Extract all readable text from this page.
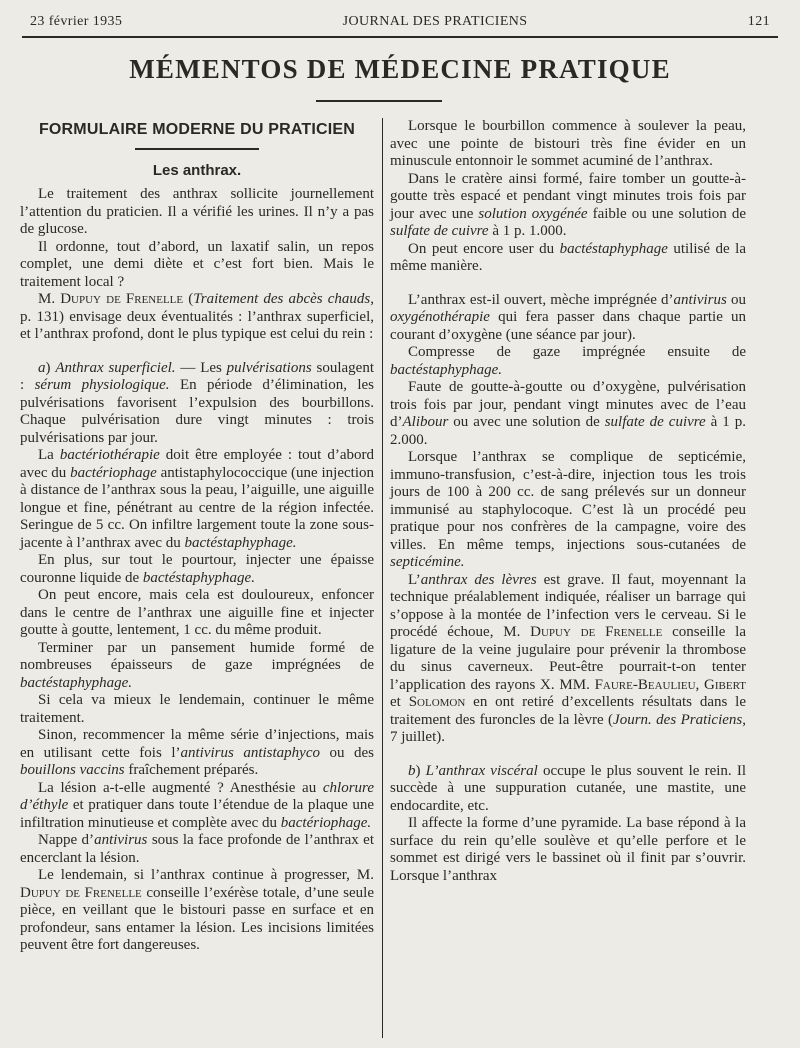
23 février 1935	JOURNAL DES PRATICIENS	121
MÉMENTOS DE MÉDECINE PRATIQUE
FORMULAIRE MODERNE DU PRATICIEN
Les anthrax.

Le traitement des anthrax sollicite journellement l’attention du praticien. Il a vérifié les urines. Il n’y a pas de glucose.

Il ordonne, tout d’abord, un laxatif salin, un repos complet, une demi diète et c’est fort bien. Mais le traitement local ?

M. Dupuy de Frenelle (Traitement des abcès chauds, p. 131) envisage deux éventualités : l’anthrax superficiel, et l’anthrax profond, dont le plus typique est celui du rein :

a) Anthrax superficiel. — Les pulvérisations soulagent : sérum physiologique. En période d’élimination, les pulvérisations favorisent l’expulsion des bourbillons. Chaque pulvérisation dure vingt minutes : trois pulvérisations par jour.

La bactériothérapie doit être employée : tout d’abord avec du bactériophage antistaphylococcique (une injection à distance de l’anthrax sous la peau, l’aiguille, une aiguille longue et fine, pénétrant au centre de la région infectée. Seringue de 5 cc. On infiltre largement toute la zone sous-jacente à l’anthrax avec du bactéstaphyphage.

En plus, sur tout le pourtour, injecter une épaisse couronne liquide de bactéstaphyphage.

On peut encore, mais cela est douloureux, enfoncer dans le centre de l’anthrax une aiguille fine et injecter goutte à goutte, lentement, 1 cc. du même produit.

Terminer par un pansement humide formé de nombreuses épaisseurs de gaze imprégnées de bactéstaphyphage.

Si cela va mieux le lendemain, continuer le même traitement.

Sinon, recommencer la même série d’injections, mais en utilisant cette fois l’antivirus antistaphyco ou des bouillons vaccins fraîchement préparés.

La lésion a-t-elle augmenté ? Anesthésie au chlorure d’éthyle et pratiquer dans toute l’étendue de la plaque une infiltration minutieuse et complète avec du bactériophage.

Nappe d’antivirus sous la face profonde de l’anthrax et encerclant la lésion.

Le lendemain, si l’anthrax continue à progresser, M. Dupuy de Frenelle conseille l’exérèse totale, d’une seule pièce, en veillant que le bistouri passe en surface et en profondeur, sans entamer la lésion. Les incisions limitées peuvent être fort dangereuses.

Lorsque le bourbillon commence à soulever la peau, avec une pointe de bistouri très fine évider en un minuscule entonnoir le sommet acuminé de l’anthrax.

Dans le cratère ainsi formé, faire tomber un goutte-à-goutte très espacé et pendant vingt minutes trois fois par jour avec une solution oxygénée faible ou une solution de sulfate de cuivre à 1 p. 1.000.

On peut encore user du bactéstaphyphage utilisé de la même manière.

L’anthrax est-il ouvert, mèche imprégnée d’antivirus ou oxygénothérapie qui fera passer dans chaque partie un courant d’oxygène (une séance par jour).

Compresse de gaze imprégnée ensuite de bactéstaphyphage.

Faute de goutte-à-goutte ou d’oxygène, pulvérisation trois fois par jour, pendant vingt minutes avec de l’eau d’Alibour ou avec une solution de sulfate de cuivre à 1 p. 2.000.

Lorsque l’anthrax se complique de septicémie, immuno-transfusion, c’est-à-dire, injection tous les trois jours de 100 à 200 cc. de sang prélevés sur un donneur immunisé au staphylocoque. C’est là un procédé peu pratique pour nos confrères de la campagne, voire des villes. En même temps, injections sous-cutanées de septicémine.

L’anthrax des lèvres est grave. Il faut, moyennant la technique préalablement indiquée, réaliser un barrage qui s’oppose à la montée de l’infection vers le cerveau. Si le procédé échoue, M. Dupuy de Frenelle conseille la ligature de la veine jugulaire pour prévenir la thrombose du sinus caverneux. Peut-être pourrait-t-on tenter l’application des rayons X. MM. Faure-Beaulieu, Gibert et Solomon en ont retiré d’excellents résultats dans le traitement des furoncles de la lèvre (Journ. des Praticiens, 7 juillet).

b) L’anthrax viscéral occupe le plus souvent le rein. Il succède à une suppuration cutanée, une mastite, une endocardite, etc.

Il affecte la forme d’une pyramide. La base répond à la surface du rein qu’elle soulève et qu’elle perfore et le sommet est dirigé vers le bassinet où il finit par s’ouvrir. Lorsque l’anthrax
